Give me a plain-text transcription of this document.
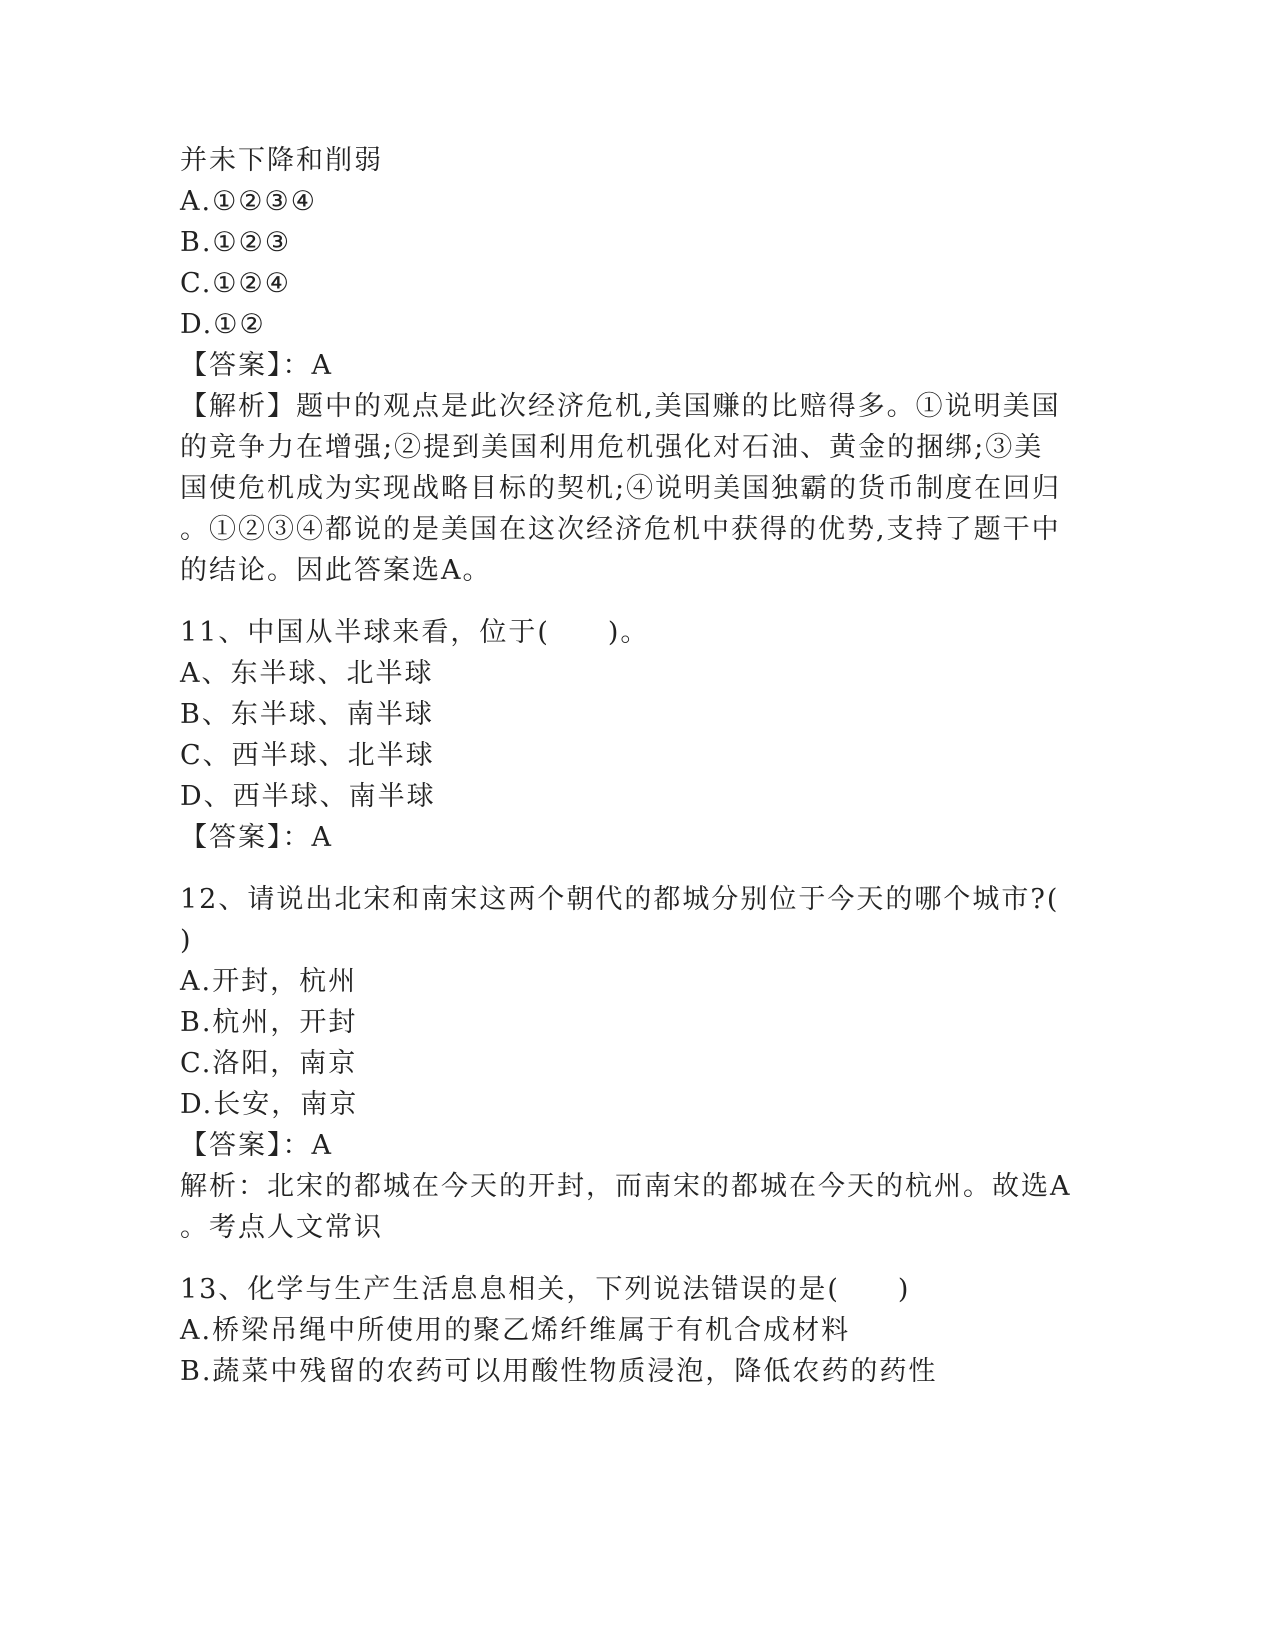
并未下降和削弱
A.①②③④
B.①②③
C.①②④
D.①②
【答案】：A
【解析】题中的观点是此次经济危机,美国赚的比赔得多。①说明美国
的竞争力在增强;②提到美国利用危机强化对石油、黄金的捆绑;③美
国使危机成为实现战略目标的契机;④说明美国独霸的货币制度在回归
。①②③④都说的是美国在这次经济危机中获得的优势,支持了题干中
的结论。因此答案选A。
11、中国从半球来看，位于(　　)。
A、东半球、北半球
B、东半球、南半球
C、西半球、北半球
D、西半球、南半球
【答案】：A
12、请说出北宋和南宋这两个朝代的都城分别位于今天的哪个城市?(
)
A.开封，杭州
B.杭州，开封
C.洛阳，南京
D.长安，南京
【答案】：A
解析：北宋的都城在今天的开封，而南宋的都城在今天的杭州。故选A
。考点人文常识
13、化学与生产生活息息相关，下列说法错误的是(　　)
A.桥梁吊绳中所使用的聚乙烯纤维属于有机合成材料
B.蔬菜中残留的农药可以用酸性物质浸泡，降低农药的药性
